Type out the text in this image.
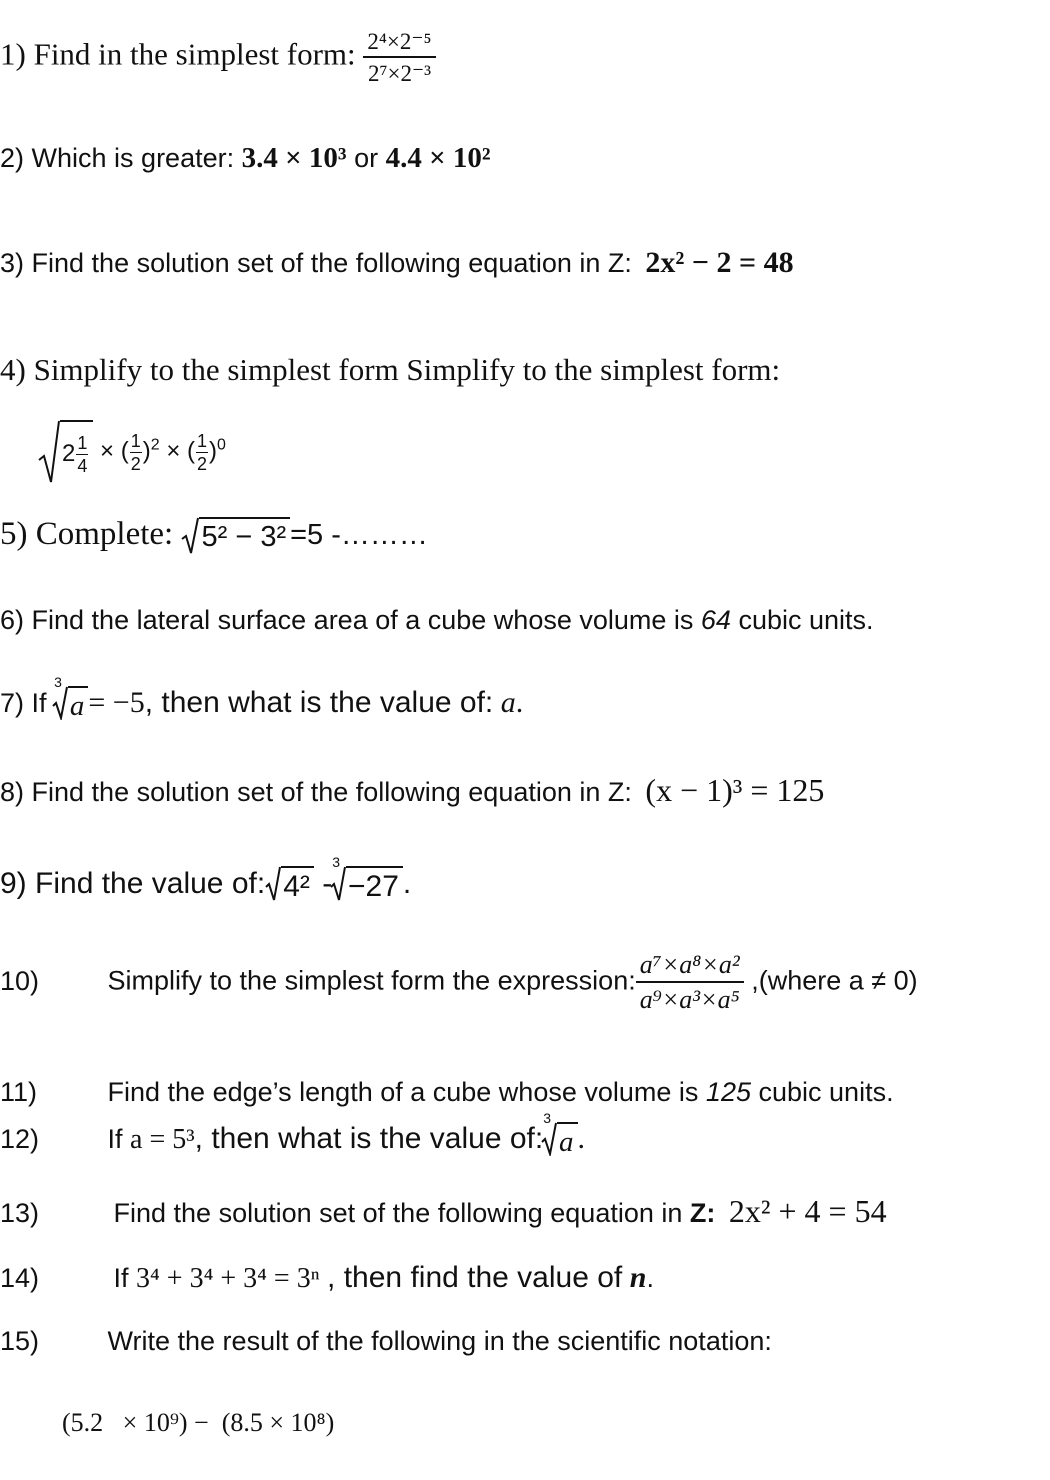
1) Find in the simplest form: $\frac{\text{2⁴×2⁻⁵}}{\text{2⁷×2⁻³}}$
2) Which is greater: 3.4 × 10³ or 4.4 × 10²
3) Find the solution set of the following equation in Z: 2x² − 2 = 48
4) Simplify to the simplest form Simplify to the simplest form:
2 1
4
× ( $\frac{1}{2} )^2$ × ( $\frac{1}{2} )^0$
5) Complete: 5² − 3² =5 -………
6) Find the lateral surface area of a cube whose volume is 64 cubic units.
7) If
3
a = −5, then what is the value of: a.
8) Find the solution set of the following equation in Z: (x − 1)³ = 125
9) Find the value of: 4² -
3
−27 .
10)	Simplify to the simplest form the expression: $\frac{\text{a⁷×a⁸×a²}}{\text{a⁹×a³×a⁵}}$ ,(where a ≠ 0)
11)	Find the edge’s length of a cube whose volume is 125 cubic units.
12)	If a = 5³, then what is the value of:
3
a .
13)	Find the solution set of the following equation in Z: 2x² + 4 = 54
14)	If 3⁴ + 3⁴ + 3⁴ = 3ⁿ , then find the value of n.
15)	Write the result of the following in the scientific notation:
(5.2   × 10⁹) −  (8.5 × 10⁸)
